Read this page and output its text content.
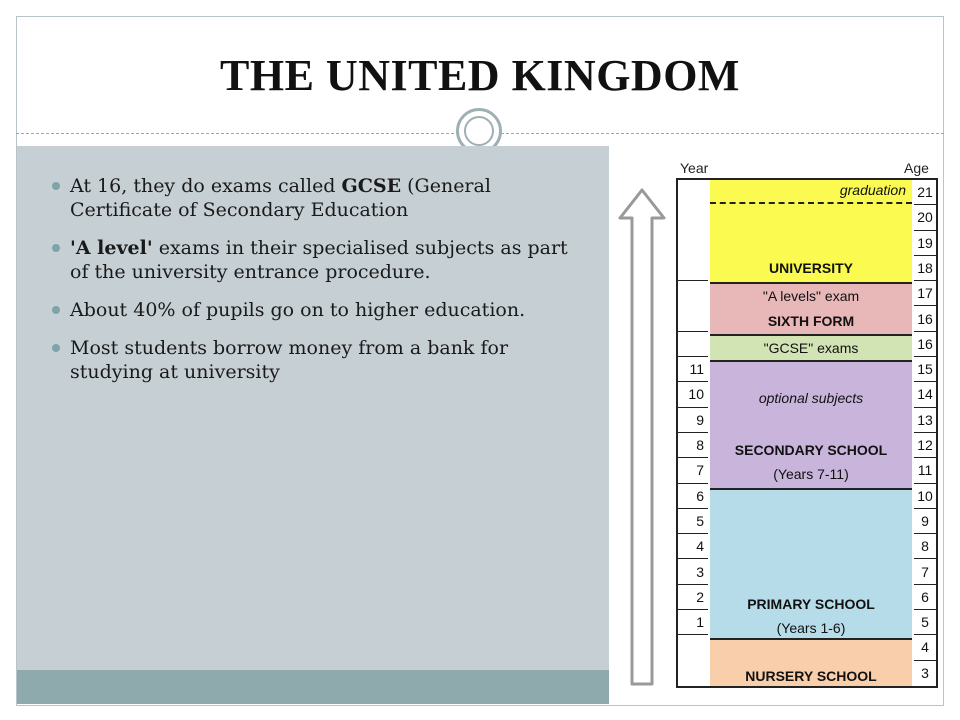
THE UNITED KINGDOM
At 16, they do exams called GCSE (General Certificate of Secondary Education
'A level' exams in their specialised subjects as part of the university entrance procedure.
About 40% of pupils go on to higher education.
Most students borrow money from a bank for studying at university
Year	Age
11
10
9
8
7
6
5
4
3
2
1
21
20
19
18
17
16
16
15
14
13
12
11
10
9
8
7
6
5
4
3
graduation
UNIVERSITY
"A levels" exam
SIXTH FORM
"GCSE" exams
optional subjects
SECONDARY SCHOOL
(Years 7-11)
PRIMARY SCHOOL
(Years 1-6)
NURSERY SCHOOL
